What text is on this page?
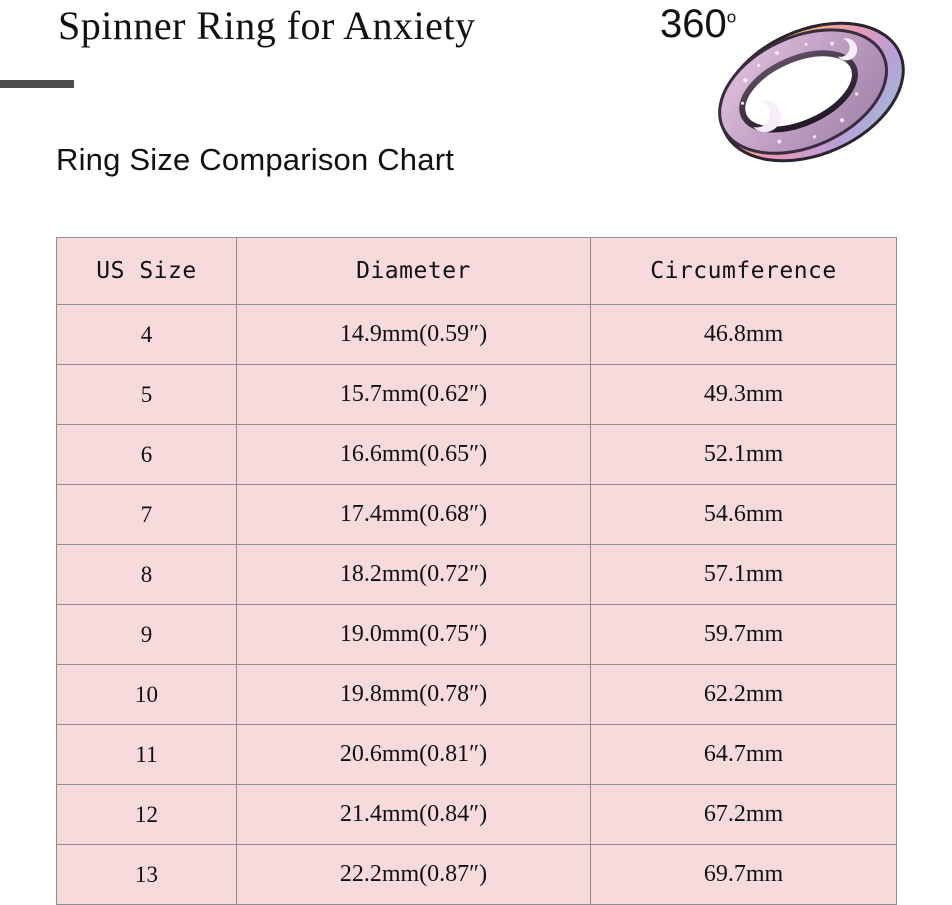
Spinner Ring for Anxiety	360$^o$
Ring Size Comparison Chart
US Size	Diameter	Circumference
4	14.9mm(0.59″)	46.8mm
5	15.7mm(0.62″)	49.3mm
6	16.6mm(0.65″)	52.1mm
7	17.4mm(0.68″)	54.6mm
8	18.2mm(0.72″)	57.1mm
9	19.0mm(0.75″)	59.7mm
10	19.8mm(0.78″)	62.2mm
11	20.6mm(0.81″)	64.7mm
12	21.4mm(0.84″)	67.2mm
13	22.2mm(0.87″)	69.7mm
